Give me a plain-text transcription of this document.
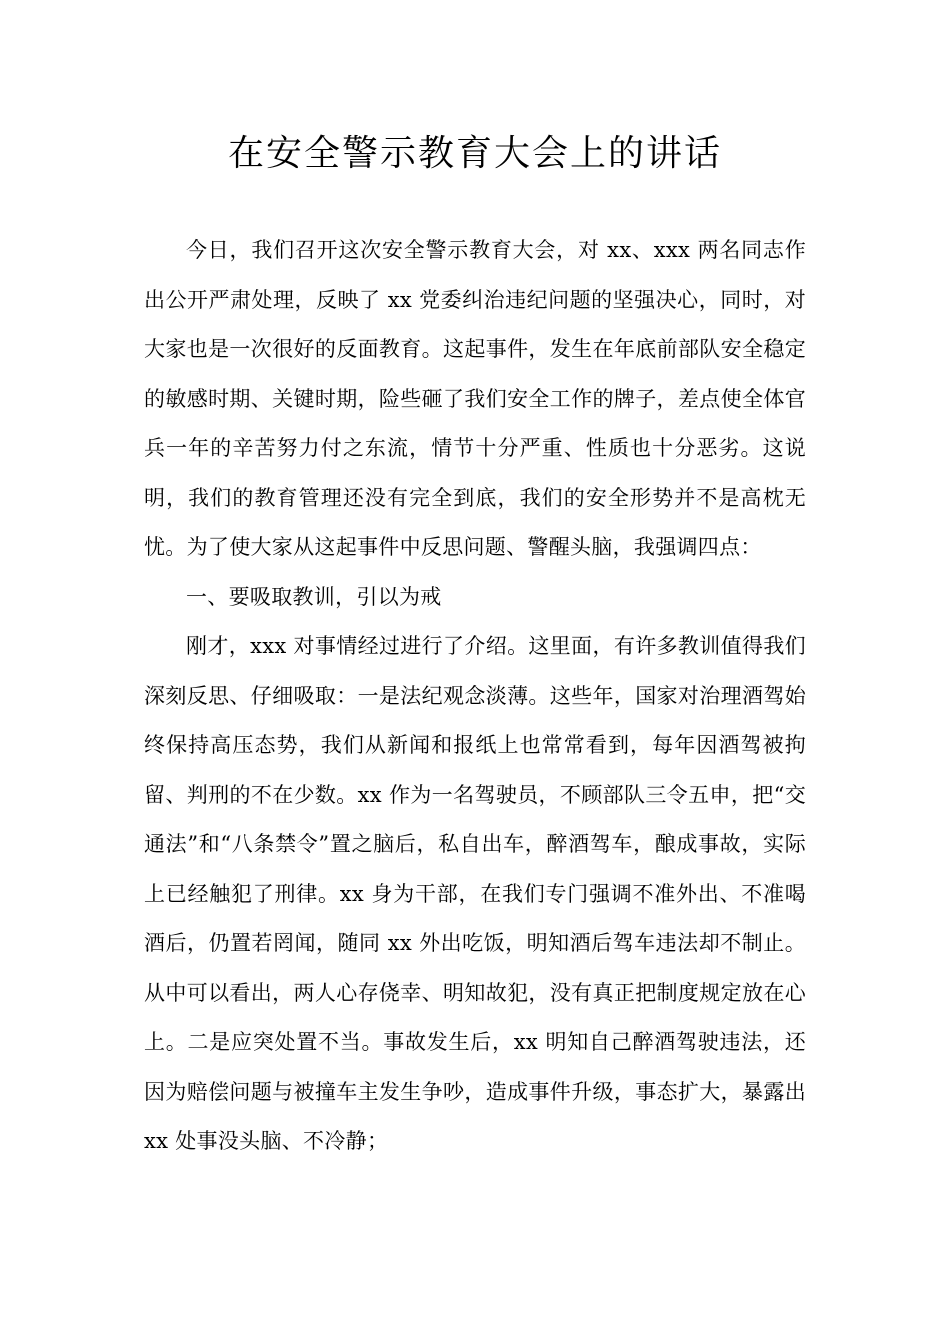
在安全警示教育大会上的讲话

今日，我们召开这次安全警示教育大会，对 xx、xxx 两名同志作出公开严肃处理，反映了 xx 党委纠治违纪问题的坚强决心，同时，对大家也是一次很好的反面教育。这起事件，发生在年底前部队安全稳定的敏感时期、关键时期，险些砸了我们安全工作的牌子，差点使全体官兵一年的辛苦努力付之东流，情节十分严重、性质也十分恶劣。这说明，我们的教育管理还没有完全到底，我们的安全形势并不是高枕无忧。为了使大家从这起事件中反思问题、警醒头脑，我强调四点：

一、要吸取教训，引以为戒

刚才，xxx 对事情经过进行了介绍。这里面，有许多教训值得我们深刻反思、仔细吸取：一是法纪观念淡薄。这些年，国家对治理酒驾始终保持高压态势，我们从新闻和报纸上也常常看到，每年因酒驾被拘留、判刑的不在少数。xx 作为一名驾驶员，不顾部队三令五申，把“交通法”和“八条禁令”置之脑后，私自出车，醉酒驾车，酿成事故，实际上已经触犯了刑律。xx 身为干部，在我们专门强调不准外出、不准喝酒后，仍置若罔闻，随同 xx 外出吃饭，明知酒后驾车违法却不制止。从中可以看出，两人心存侥幸、明知故犯，没有真正把制度规定放在心上。二是应突处置不当。事故发生后，xx 明知自己醉酒驾驶违法，还因为赔偿问题与被撞车主发生争吵，造成事件升级，事态扩大，暴露出 xx 处事没头脑、不冷静；
